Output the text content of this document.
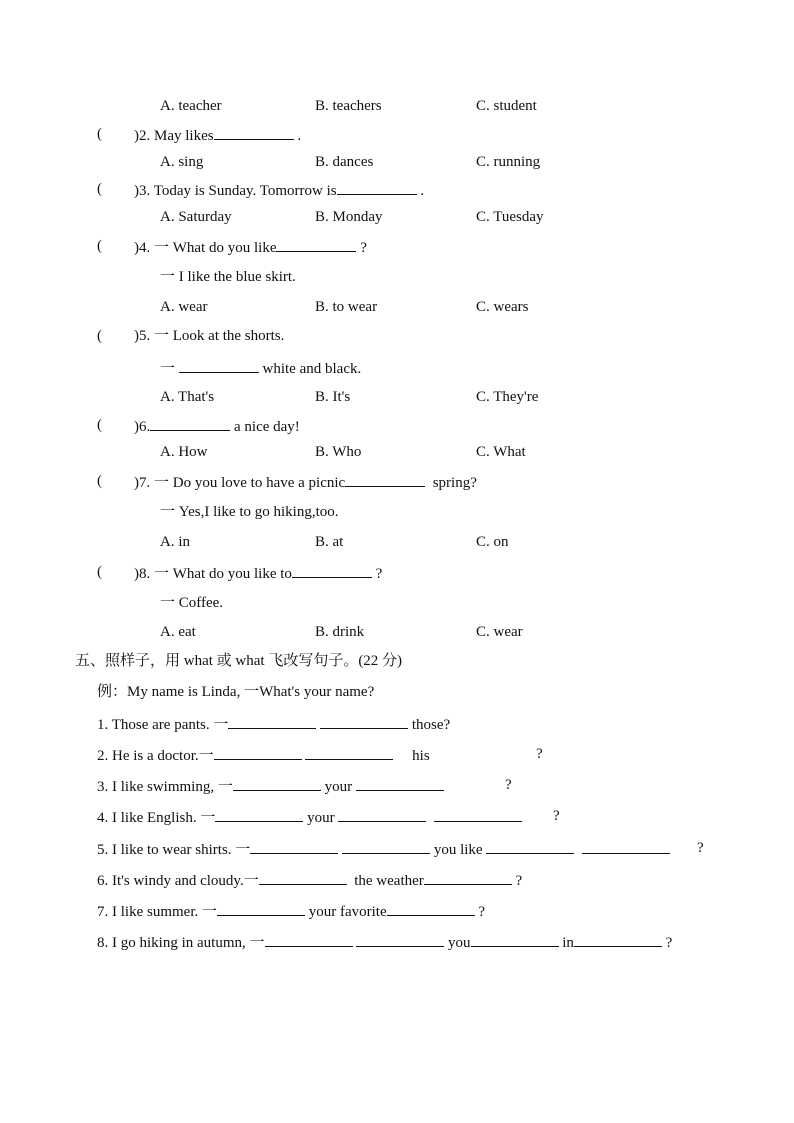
A. teacher	B. teachers	C. student
( )2. May likes	.
A. sing	B. dances	C. running
( )3. Today is Sunday. Tomorrow is	.
A. Saturday	B. Monday	C. Tuesday
( )4. 一 What do you like	?
一 I like the blue skirt.
A. wear	B. to wear	C. wears
( )5. 一 Look at the shorts.
一	white and black.
A. That's	B. It's	C. They're
( )6.	a nice day!
A. How	B. Who	C. What
( )7. 一 Do you love to have a picnic	spring?
一 Yes,I like to go hiking,too.
A. in	B. at	C. on
( )8. 一 What do you like to	?
一 Coffee.
A. eat	B. drink	C. wear
五、照样子，用 what 或 what 飞改写句子。(22 分)
例：My name is Linda, 一What's your name?
1. Those are pants. 一	those?
2. He is a doctor.一	his	?
3. I like swimming, 一	your	?
4. I like English. 一	your	?
5. I like to wear shirts. 一	you like	?
6. It's windy and cloudy.一	the weather	?
7. I like summer. 一	your favorite	?
8. I go hiking in autumn, 一	you	in	?
